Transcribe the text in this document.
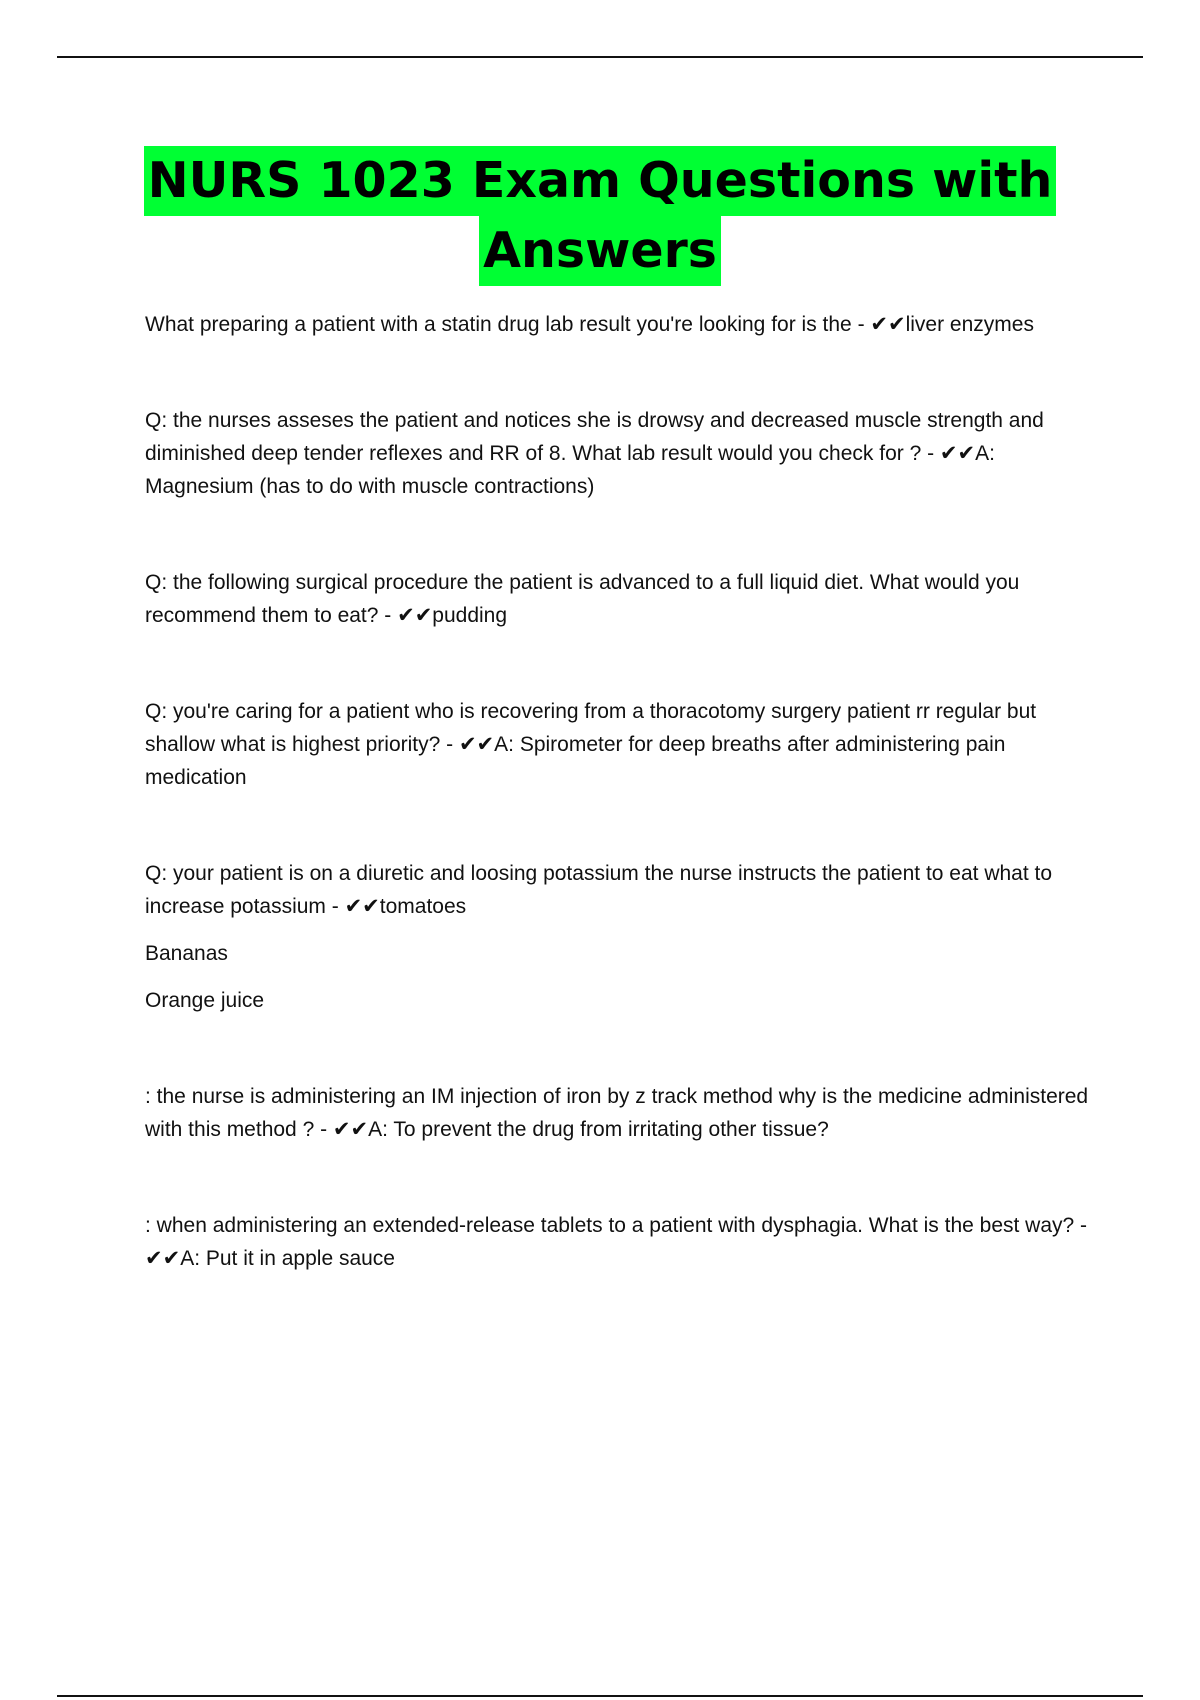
NURS 1023 Exam Questions with
Answers

What preparing a patient with a statin drug lab result you're looking for is the - ✔✔liver enzymes

Q: the nurses asseses the patient and notices she is drowsy and decreased muscle strength and diminished deep tender reflexes and RR of 8. What lab result would you check for ? - ✔✔A: Magnesium (has to do with muscle contractions)

Q: the following surgical procedure the patient is advanced to a full liquid diet. What would you recommend them to eat? - ✔✔pudding

Q: you're caring for a patient who is recovering from a thoracotomy surgery patient rr regular but shallow what is highest priority? - ✔✔A: Spirometer for deep breaths after administering pain medication

Q: your patient is on a diuretic and loosing potassium the nurse instructs the patient to eat what to increase potassium - ✔✔tomatoes

Bananas

Orange juice

: the nurse is administering an IM injection of iron by z track method why is the medicine administered with this method ? - ✔✔A: To prevent the drug from irritating other tissue?

: when administering an extended-release tablets to a patient with dysphagia. What is the best way? - ✔✔A: Put it in apple sauce
